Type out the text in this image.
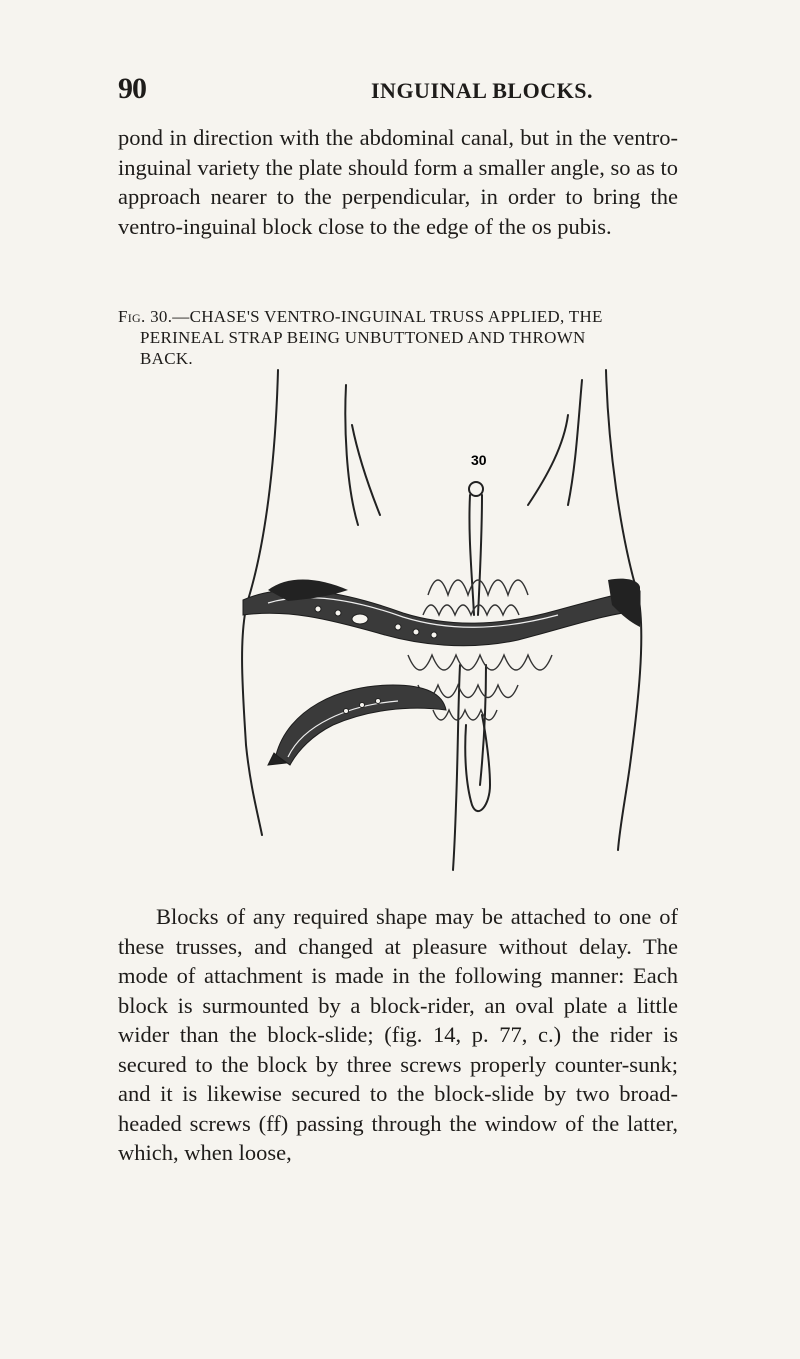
90	INGUINAL BLOCKS.

pond in direction with the abdominal canal, but in the ventro-inguinal variety the plate should form a smaller angle, so as to approach nearer to the perpendicular, in order to bring the ventro-inguinal block close to the edge of the os pubis.

Fig. 30.—CHASE'S VENTRO-INGUINAL TRUSS APPLIED, THE
PERINEAL STRAP BEING UNBUTTONED AND THROWN
BACK.
30

Blocks of any required shape may be attached to one of these trusses, and changed at pleasure without delay. The mode of attachment is made in the following manner: Each block is surmounted by a block-rider, an oval plate a little wider than the block-slide; (fig. 14, p. 77, c.) the rider is secured to the block by three screws properly counter-sunk; and it is likewise secured to the block-slide by two broad-headed screws (ff) passing through the window of the latter, which, when loose,
